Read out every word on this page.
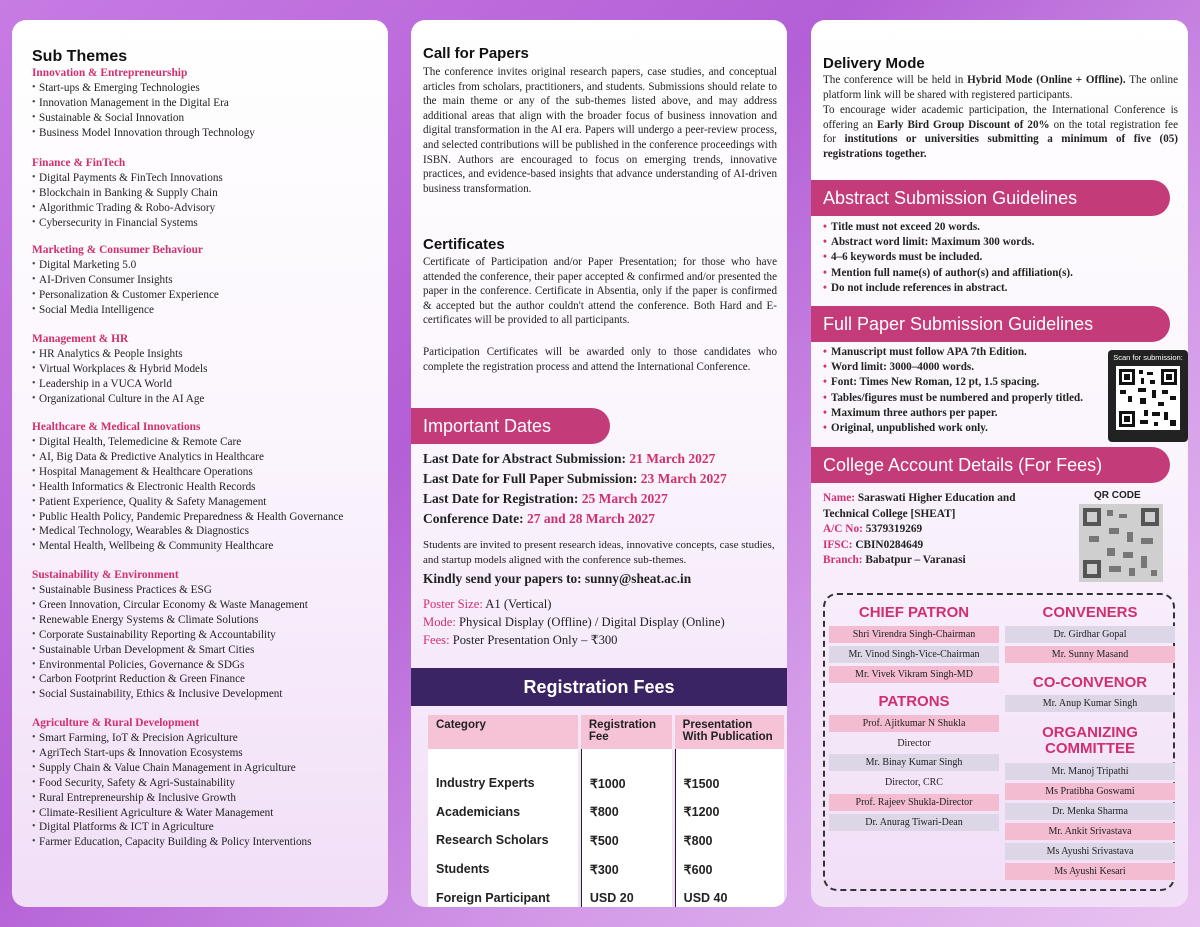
Sub Themes
Innovation & Entrepreneurship
• Start-ups & Emerging Technologies
• Innovation Management in the Digital Era
• Sustainable & Social Innovation
• Business Model Innovation through Technology
Finance & FinTech
• Digital Payments & FinTech Innovations
• Blockchain in Banking & Supply Chain
• Algorithmic Trading & Robo-Advisory
• Cybersecurity in Financial Systems
Marketing & Consumer Behaviour
• Digital Marketing 5.0
• AI-Driven Consumer Insights
• Personalization & Customer Experience
• Social Media Intelligence
Management & HR
• HR Analytics & People Insights
• Virtual Workplaces & Hybrid Models
• Leadership in a VUCA World
• Organizational Culture in the AI Age
Healthcare & Medical Innovations
• Digital Health, Telemedicine & Remote Care
• AI, Big Data & Predictive Analytics in Healthcare
• Hospital Management & Healthcare Operations
• Health Informatics & Electronic Health Records
• Patient Experience, Quality & Safety Management
• Public Health Policy, Pandemic Preparedness & Health Governance
• Medical Technology, Wearables & Diagnostics
• Mental Health, Wellbeing & Community Healthcare
Sustainability & Environment
• Sustainable Business Practices & ESG
• Green Innovation, Circular Economy & Waste Management
• Renewable Energy Systems & Climate Solutions
• Corporate Sustainability Reporting & Accountability
• Sustainable Urban Development & Smart Cities
• Environmental Policies, Governance & SDGs
• Carbon Footprint Reduction & Green Finance
• Social Sustainability, Ethics & Inclusive Development
Agriculture & Rural Development
• Smart Farming, IoT & Precision Agriculture
• AgriTech Start-ups & Innovation Ecosystems
• Supply Chain & Value Chain Management in Agriculture
• Food Security, Safety & Agri-Sustainability
• Rural Entrepreneurship & Inclusive Growth
• Climate-Resilient Agriculture & Water Management
• Digital Platforms & ICT in Agriculture
• Farmer Education, Capacity Building & Policy Interventions
Call for Papers
The conference invites original research papers, case studies, and conceptual articles from scholars, practitioners, and students. Submissions should relate to the main theme or any of the sub-themes listed above, and may address additional areas that align with the broader focus of business innovation and digital transformation in the AI era. Papers will undergo a peer-review process, and selected contributions will be published in the conference proceedings with ISBN. Authors are encouraged to focus on emerging trends, innovative practices, and evidence-based insights that advance understanding of AI-driven business transformation.
Certificates
Certificate of Participation and/or Paper Presentation; for those who have attended the conference, their paper accepted & confirmed and/or presented the paper in the conference. Certificate in Absentia, only if the paper is confirmed & accepted but the author couldn't attend the conference. Both Hard and E-certificates will be provided to all participants.
Participation Certificates will be awarded only to those candidates who complete the registration process and attend the International Conference.
Important Dates
Last Date for Abstract Submission: 21 March 2027
Last Date for Full Paper Submission: 23 March 2027
Last Date for Registration: 25 March 2027
Conference Date: 27 and 28 March 2027
Students are invited to present research ideas, innovative concepts, case studies, and startup models aligned with the conference sub-themes.
Kindly send your papers to: sunny@sheat.ac.in
Poster Size: A1 (Vertical)
Mode: Physical Display (Offline) / Digital Display (Online)
Fees: Poster Presentation Only – ₹300
Registration Fees
Category	Registration Fee	Presentation With Publication

Industry Experts	₹1000	₹1500
Academicians	₹800	₹1200
Research Scholars	₹500	₹800
Students	₹300	₹600
Foreign Participant	USD 20	USD 40
Delivery Mode
The conference will be held in Hybrid Mode (Online + Offline). The online platform link will be shared with registered participants.
To encourage wider academic participation, the International Conference is offering an Early Bird Group Discount of 20% on the total registration fee for institutions or universities submitting a minimum of five (05) registrations together.
Abstract Submission Guidelines
• Title must not exceed 20 words.
• Abstract word limit: Maximum 300 words.
• 4–6 keywords must be included.
• Mention full name(s) of author(s) and affiliation(s).
• Do not include references in abstract.
Full Paper Submission Guidelines
• Manuscript must follow APA 7th Edition.
• Word limit: 3000–4000 words.
• Font: Times New Roman, 12 pt, 1.5 spacing.
• Tables/figures must be numbered and properly titled.
• Maximum three authors per paper.
• Original, unpublished work only.
Scan for submission:
College Account Details (For Fees)
Name: Saraswati Higher Education and Technical College [SHEAT]
A/C No: 5379319269
IFSC: CBIN0284649
Branch: Babatpur – Varanasi
QR CODE
CHIEF PATRON
Shri Virendra Singh-Chairman
Mr. Vinod Singh-Vice-Chairman
Mr. Vivek Vikram Singh-MD
PATRONS
Prof. Ajitkumar N Shukla
Director
Mr. Binay Kumar Singh
Director, CRC
Prof. Rajeev Shukla-Director
Dr. Anurag Tiwari-Dean
CONVENERS
Dr. Girdhar Gopal
Mr. Sunny Masand
CO-CONVENOR
Mr. Anup Kumar Singh
ORGANIZING COMMITTEE
Mr. Manoj Tripathi
Ms Pratibha Goswami
Dr. Menka Sharma
Mr. Ankit Srivastava
Ms Ayushi Srivastava
Ms Ayushi Kesari
